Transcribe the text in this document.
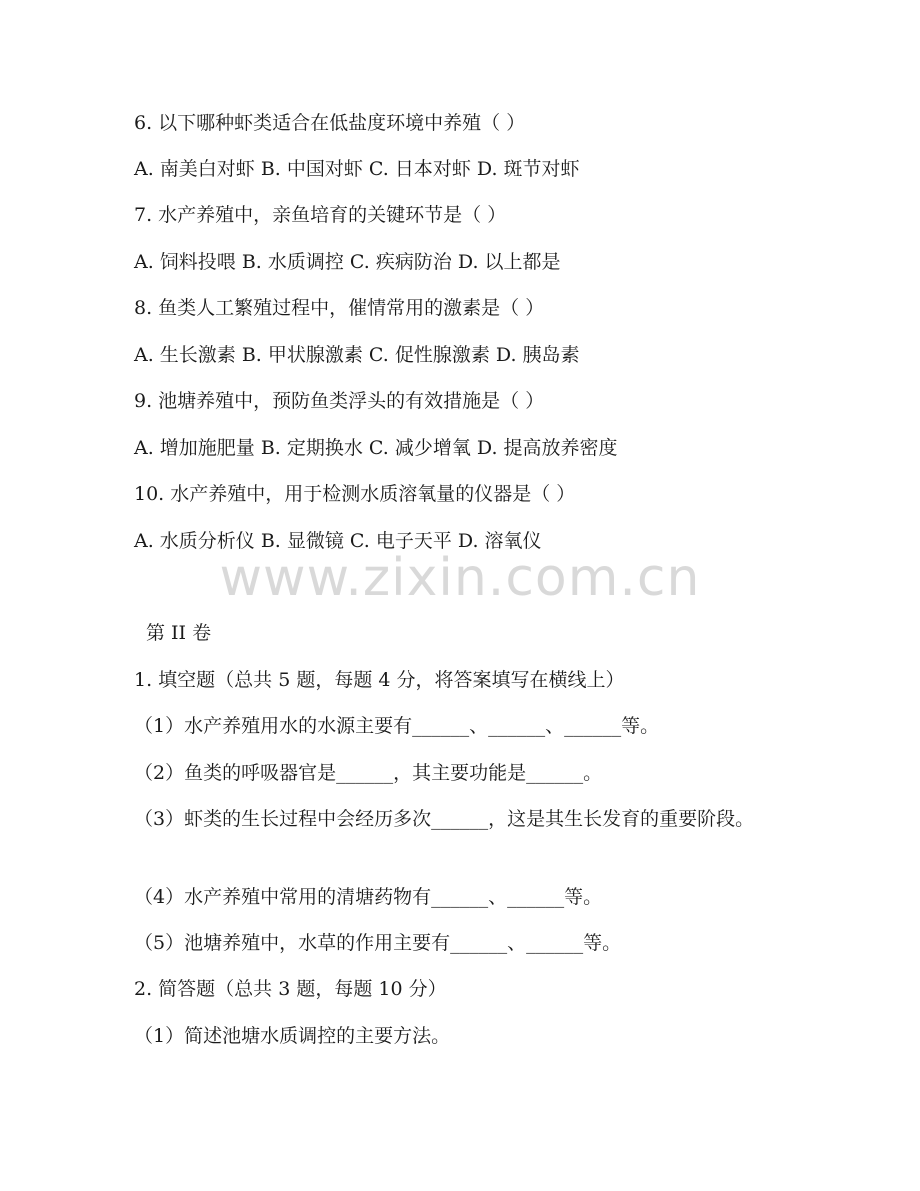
6. 以下哪种虾类适合在低盐度环境中养殖（ ）
A. 南美白对虾 B. 中国对虾 C. 日本对虾 D. 斑节对虾
7. 水产养殖中，亲鱼培育的关键环节是（ ）
A. 饲料投喂 B. 水质调控 C. 疾病防治 D. 以上都是
8. 鱼类人工繁殖过程中，催情常用的激素是（ ）
A. 生长激素 B. 甲状腺激素 C. 促性腺激素 D. 胰岛素
9. 池塘养殖中，预防鱼类浮头的有效措施是（ ）
A. 增加施肥量 B. 定期换水 C. 减少增氧 D. 提高放养密度
10. 水产养殖中，用于检测水质溶氧量的仪器是（ ）
A. 水质分析仪 B. 显微镜 C. 电子天平 D. 溶氧仪
www.zixin.com.cn
第 II 卷
1. 填空题（总共 5 题，每题 4 分，将答案填写在横线上）
（1）水产养殖用水的水源主要有______、______、______等。
（2）鱼类的呼吸器官是______，其主要功能是______。
（3）虾类的生长过程中会经历多次______，这是其生长发育的重要阶段。
（4）水产养殖中常用的清塘药物有______、______等。
（5）池塘养殖中，水草的作用主要有______、______等。
2. 简答题（总共 3 题，每题 10 分）
（1）简述池塘水质调控的主要方法。
